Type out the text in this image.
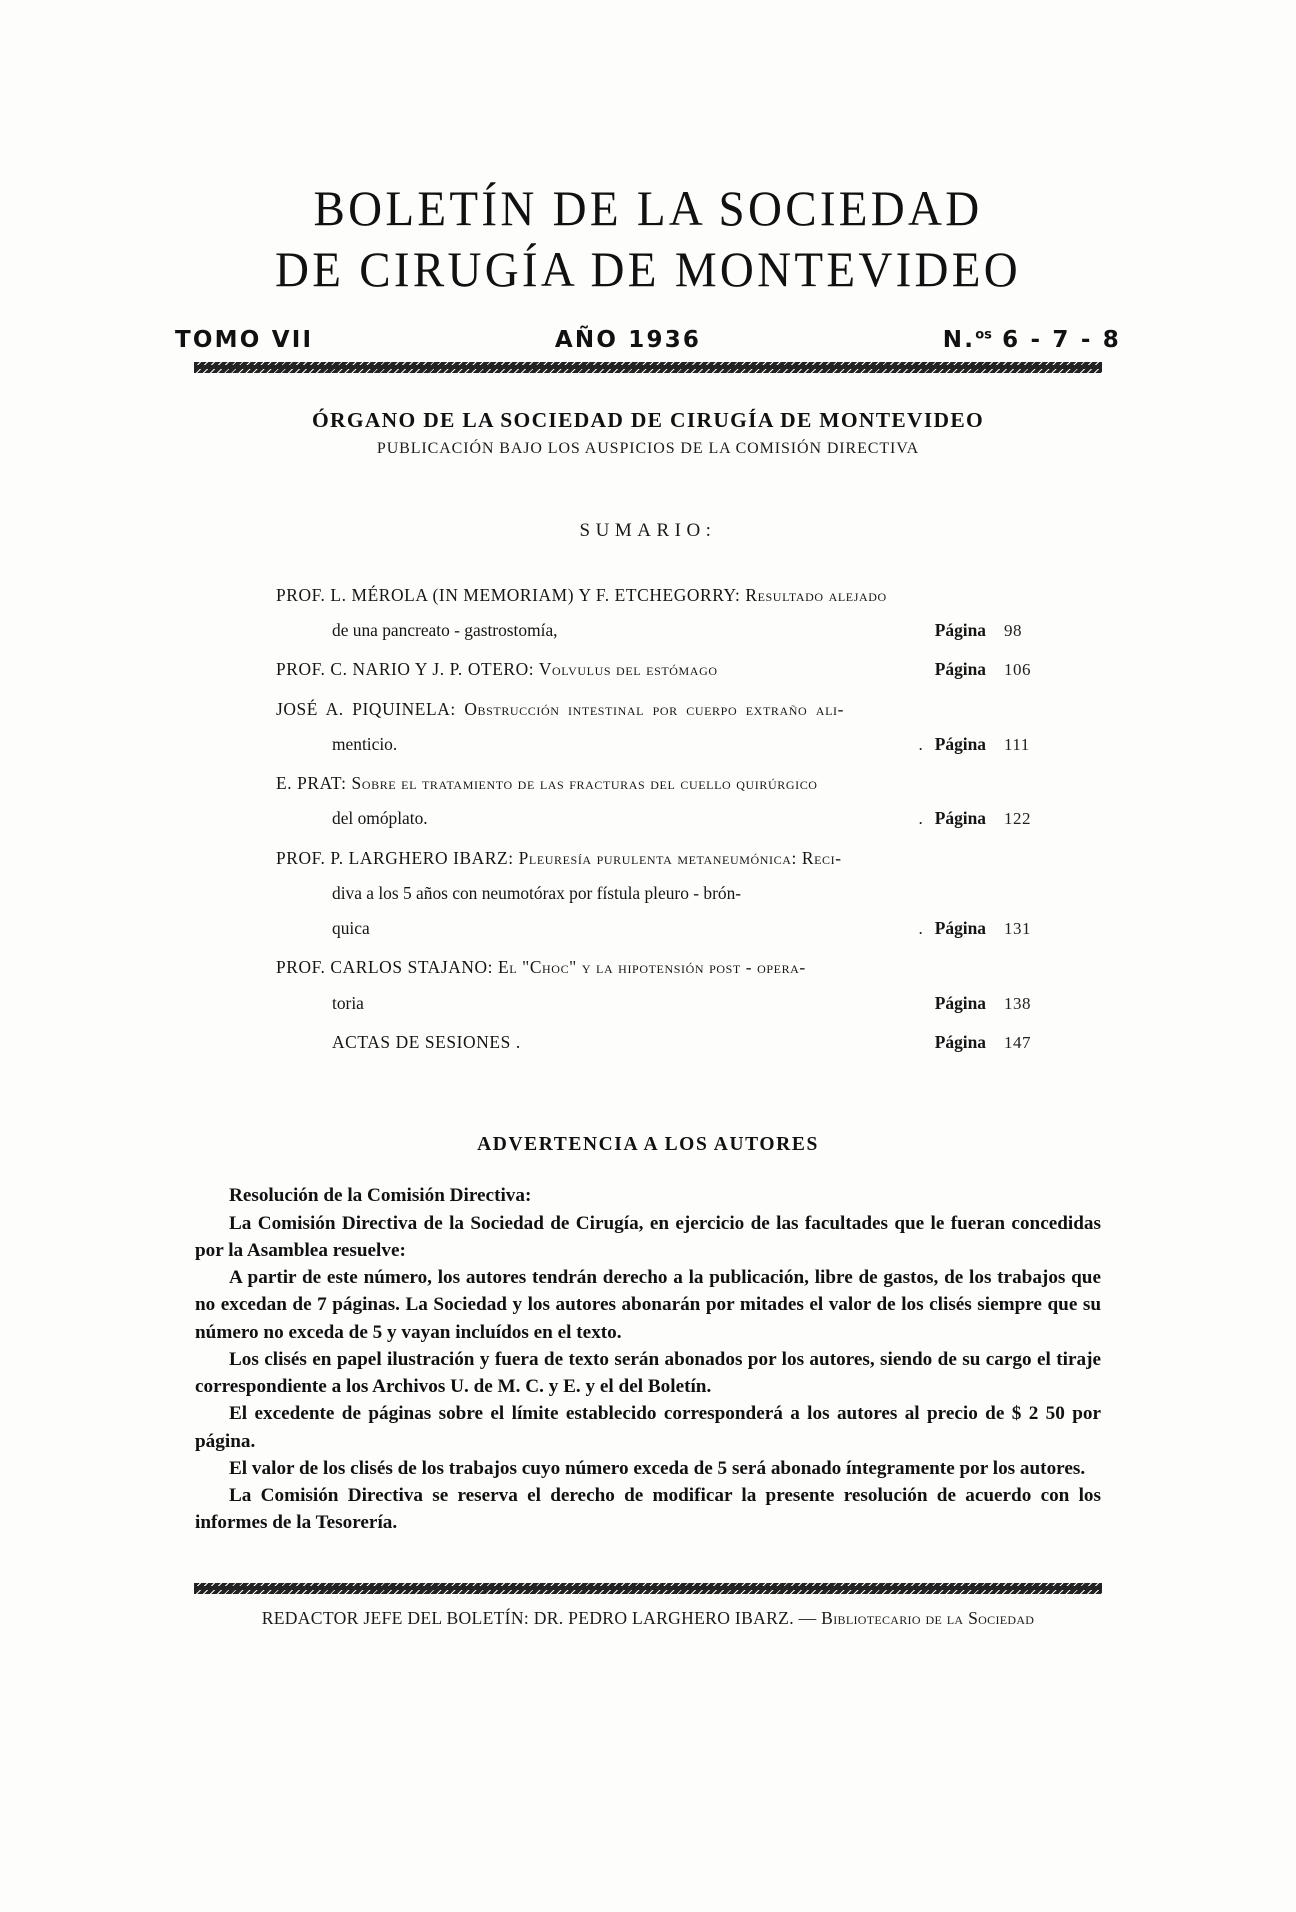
BOLETÍN DE LA SOCIEDAD
DE CIRUGÍA DE MONTEVIDEO
TOMO VII	AÑO 1936	N.$^{os}$ 6 - 7 - 8
ÓRGANO DE LA SOCIEDAD DE CIRUGÍA DE MONTEVIDEO
PUBLICACIÓN BAJO LOS AUSPICIOS DE LA COMISIÓN DIRECTIVA
SUMARIO:
PROF. L. MÉROLA (IN MEMORIAM) Y F. ETCHEGORRY: Resultado alejado
de una pancreato - gastrostomía,	Página 98
PROF. C. NARIO Y J. P. OTERO: Volvulus del estómago	Página 106
JOSÉ A. PIQUINELA: Obstrucción intestinal por cuerpo extraño ali-
menticio.	. Página 111
E. PRAT: Sobre el tratamiento de las fracturas del cuello quirúrgico
del omóplato.	. Página 122
PROF. P. LARGHERO IBARZ: Pleuresía purulenta metaneumónica: Reci-
diva a los 5 años con neumotórax por fístula pleuro - brón-
quica	. Página 131
PROF. CARLOS STAJANO: El "Choc" y la hipotensión post - opera-
toria	Página 138
ACTAS DE SESIONES .	Página 147
ADVERTENCIA A LOS AUTORES

Resolución de la Comisión Directiva:

La Comisión Directiva de la Sociedad de Cirugía, en ejercicio de las facultades que le fueran concedidas por la Asamblea resuelve:

A partir de este número, los autores tendrán derecho a la publicación, libre de gastos, de los trabajos que no excedan de 7 páginas. La Sociedad y los autores abonarán por mitades el valor de los clisés siempre que su número no exceda de 5 y vayan incluídos en el texto.

Los clisés en papel ilustración y fuera de texto serán abonados por los autores, siendo de su cargo el tiraje correspondiente a los Archivos U. de M. C. y E. y el del Boletín.

El excedente de páginas sobre el límite establecido corresponderá a los autores al precio de $ 2 50 por página.

El valor de los clisés de los trabajos cuyo número exceda de 5 será abonado íntegramente por los autores.

La Comisión Directiva se reserva el derecho de modificar la presente resolución de acuerdo con los informes de la Tesorería.

REDACTOR JEFE DEL BOLETÍN: DR. PEDRO LARGHERO IBARZ. — Bibliotecario de la Sociedad
